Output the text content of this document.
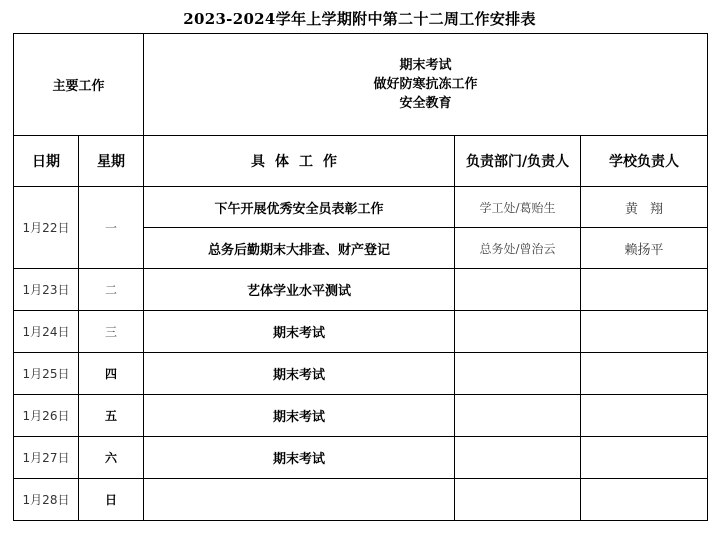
2023-2024学年上学期附中第二十二周工作安排表
主要工作		期末考试
做好防寒抗冻工作
安全教育		

日期	星期	具体工作	负责部门/负责人	学校负责人
1月22日	一	下午开展优秀安全员表彰工作	学工处/葛贻生	黄翔
		总务后勤期末大排查、财产登记	总务处/曾治云	赖扬平
1月23日	二	艺体学业水平测试		
1月24日	三	期末考试		
1月25日	四	期末考试		
1月26日	五	期末考试		
1月27日	六	期末考试		
1月28日	日			
